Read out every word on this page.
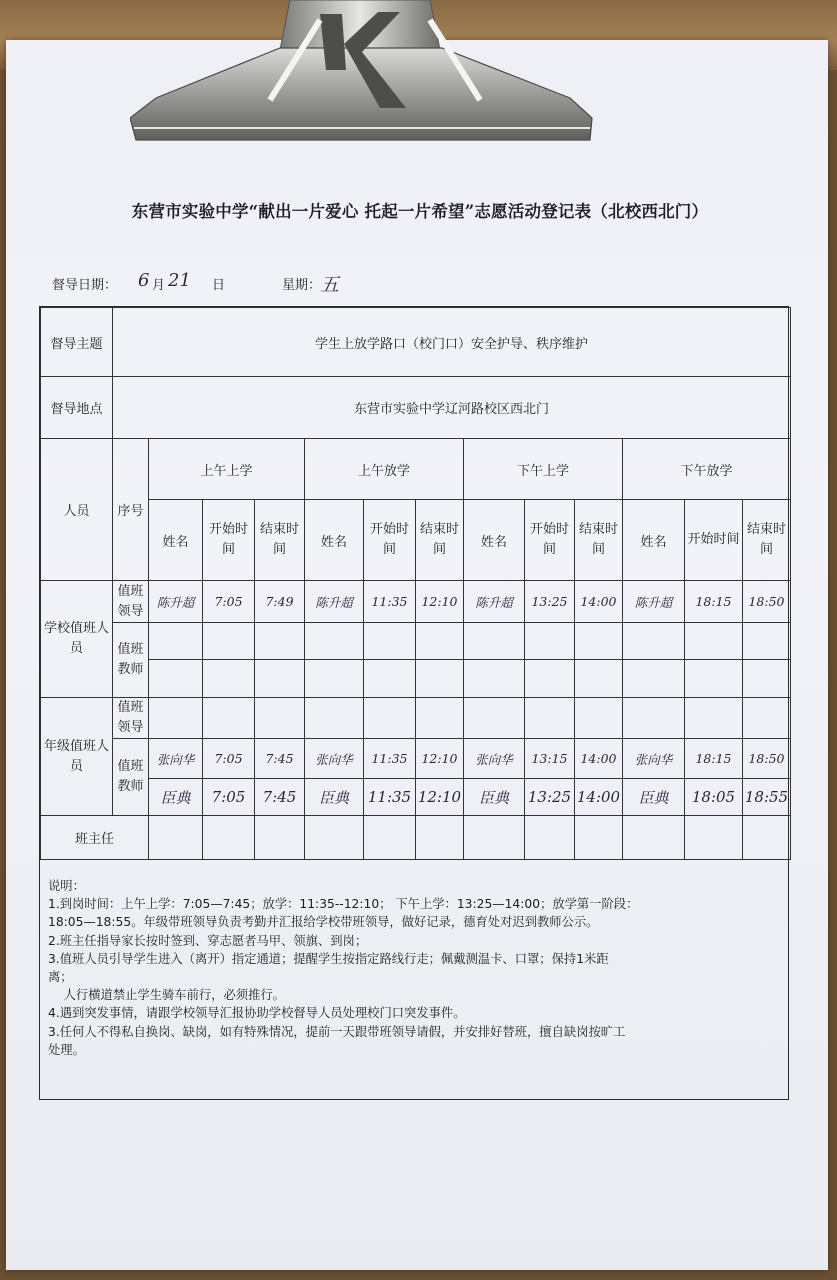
东营市实验中学“献出一片爱心 托起一片希望”志愿活动登记表（北校西北门）
督导日期： 6 月 21 日	星期：
五
督导主题	学生上放学路口（校门口）安全护导、秩序维护												
督导地点	东营市实验中学辽河路校区西北门												
人员	序号	上午上学			上午放学			下午上学			下午放学		
		姓名	开始时间	结束时间	姓名	开始时间	结束时间	姓名	开始时间	结束时间	姓名	开始时间	结束时间
学校值班人员	值班领导	陈升超	7:05	7:49	陈升超	11:35	12:10	陈升超	13:25	14:00	陈升超	18:15	18:50
	值班教师												

年级值班人员	值班领导												
	值班教师	张向华	7:05	7:45	张向华	11:35	12:10	张向华	13:15	14:00	张向华	18:15	18:50
		臣典	7:05	7:45	臣典	11:35	12:10	臣典	13:25	14:00	臣典	18:05	18:55
班主任													
说明：
1.到岗时间：上午上学：7:05—7:45；放学：11:35--12:10； 下午上学：13:25—14:00；放学第一阶段：
18:05—18:55。年级带班领导负责考勤并汇报给学校带班领导，做好记录，德育处对迟到教师公示。
2.班主任指导家长按时签到、穿志愿者马甲、领旗、到岗；
3.值班人员引导学生进入（离开）指定通道；提醒学生按指定路线行走；佩戴测温卡、口罩；保持1米距
离；
人行横道禁止学生骑车前行，必须推行。
4.遇到突发事情，请跟学校领导汇报协助学校督导人员处理校门口突发事件。
3.任何人不得私自换岗、缺岗，如有特殊情况，提前一天跟带班领导请假，并安排好替班，擅自缺岗按旷工
处理。
